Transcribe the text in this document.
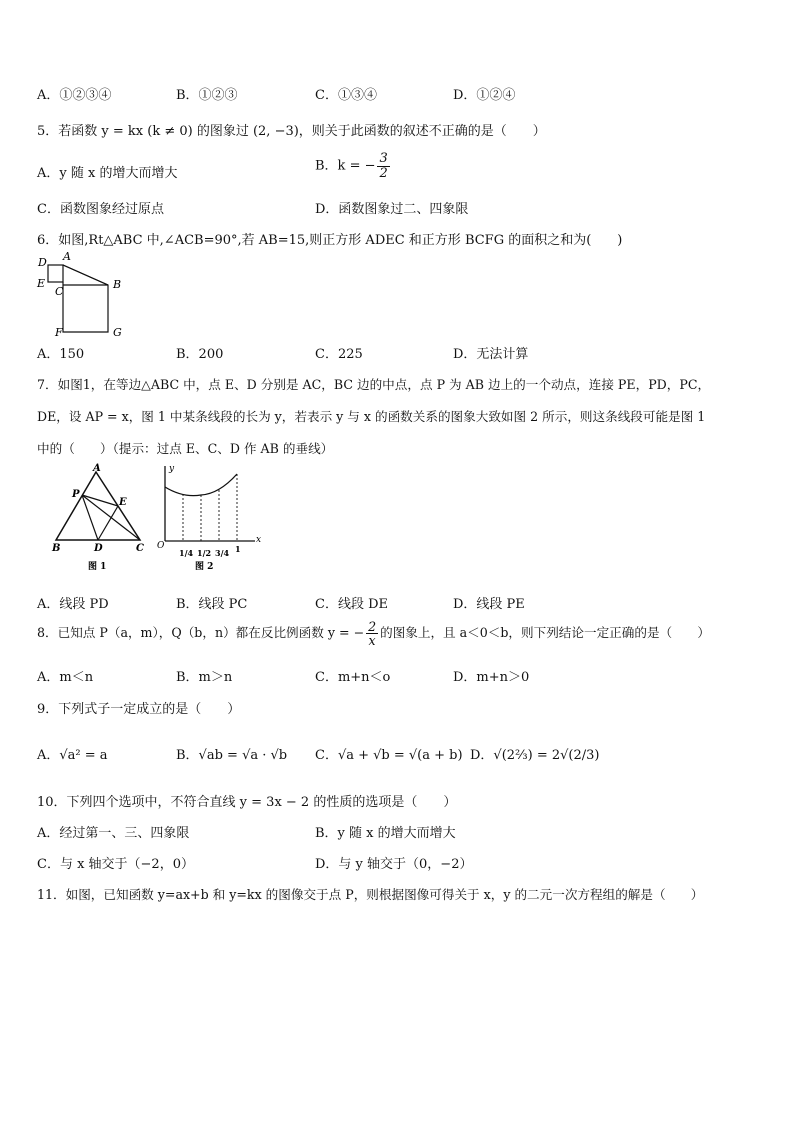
A．①②③④	B．①②③	C．①③④	D．①②④
5．若函数 y = kx (k ≠ 0) 的图象过 (2, −3)，则关于此函数的叙述不正确的是（　　）
A．y 随 x 的增大而增大	B．k = − $\frac{3}{2}$
C．函数图象经过原点	D．函数图象过二、四象限
6．如图,Rt△ABC 中,∠ACB=90°,若 AB=15,则正方形 ADEC 和正方形 BCFG 的面积之和为(　　)
D A
E
C
B
F	G
A．150	B．200	C．225	D．无法计算
7．如图1，在等边△ABC 中，点 E、D 分别是 AC，BC 边的中点，点 P 为 AB 边上的一个动点，连接 PE，PD，PC，
DE，设 AP = x，图 1 中某条线段的长为 y，若表示 y 与 x 的函数关系的图象大致如图 2 所示，则这条线段可能是图 1
中的（　　）（提示：过点 E、C、D 作 AB 的垂线）
A
P
E
B	D	C
图 1
y
x
O
1/4 1/2 3/4 1
图 2
A．线段 PD	B．线段 PC	C．线段 DE	D．线段 PE
8．已知点 P（a，m），Q（b，n）都在反比例函数 y = − $\frac{2}{x}$ 的图象上，且 a＜0＜b，则下列结论一定正确的是（　　）
A．m＜n	B．m＞n	C．m+n＜o	D．m+n＞0
9．下列式子一定成立的是（　　）
A．√a² = a	B．√ab = √a · √b C．√a + √b = √(a + b) D．√(2⅔) = 2√(2/3)
10．下列四个选项中，不符合直线 y = 3x − 2 的性质的选项是（　　）
A．经过第一、三、四象限	B．y 随 x 的增大而增大
C．与 x 轴交于（−2，0）	D．与 y 轴交于（0，−2）
11．如图，已知函数 y=ax+b 和 y=kx 的图像交于点 P，则根据图像可得关于 x，y 的二元一次方程组的解是（　　）
